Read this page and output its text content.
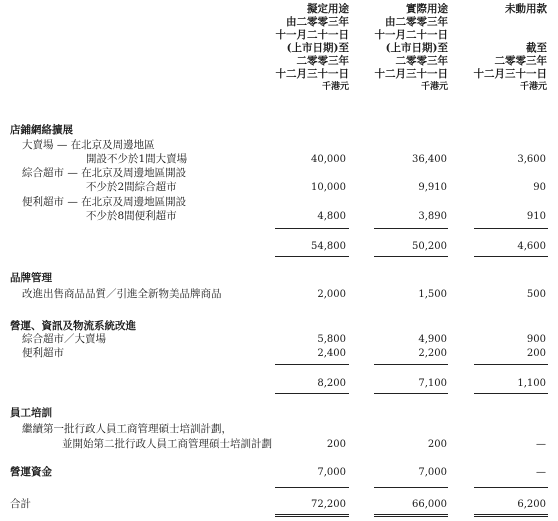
擬定用途
由二零零三年
十一月二十一日
(上市日期)至
二零零三年
十二月三十一日
千港元
實際用途
由二零零三年
十一月二十一日
(上市日期)至
二零零三年
十二月三十一日
千港元
未動用款
截至
二零零三年
十二月三十一日
千港元
店鋪網絡擴展
大賣場 — 在北京及周邊地區
開設不少於1間大賣場	40,000	36,400	3,600
綜合超市 — 在北京及周邊地區開設
不少於2間綜合超市	10,000	9,910	90
便利超市 — 在北京及周邊地區開設
不少於8間便利超市	4,800	3,890	910
54,800	50,200	4,600
品牌管理
改進出售商品品質／引進全新物美品牌商品	2,000	1,500	500
營運、資訊及物流系統改進
綜合超市／大賣場	5,800	4,900	900
便利超市	2,400	2,200	200
8,200	7,100	1,100
員工培訓
繼續第一批行政人員工商管理碩士培訓計劃，
並開始第二批行政人員工商管理碩士培訓計劃	200	200	—
營運資金	7,000	7,000	—
合計	72,200	66,000	6,200
